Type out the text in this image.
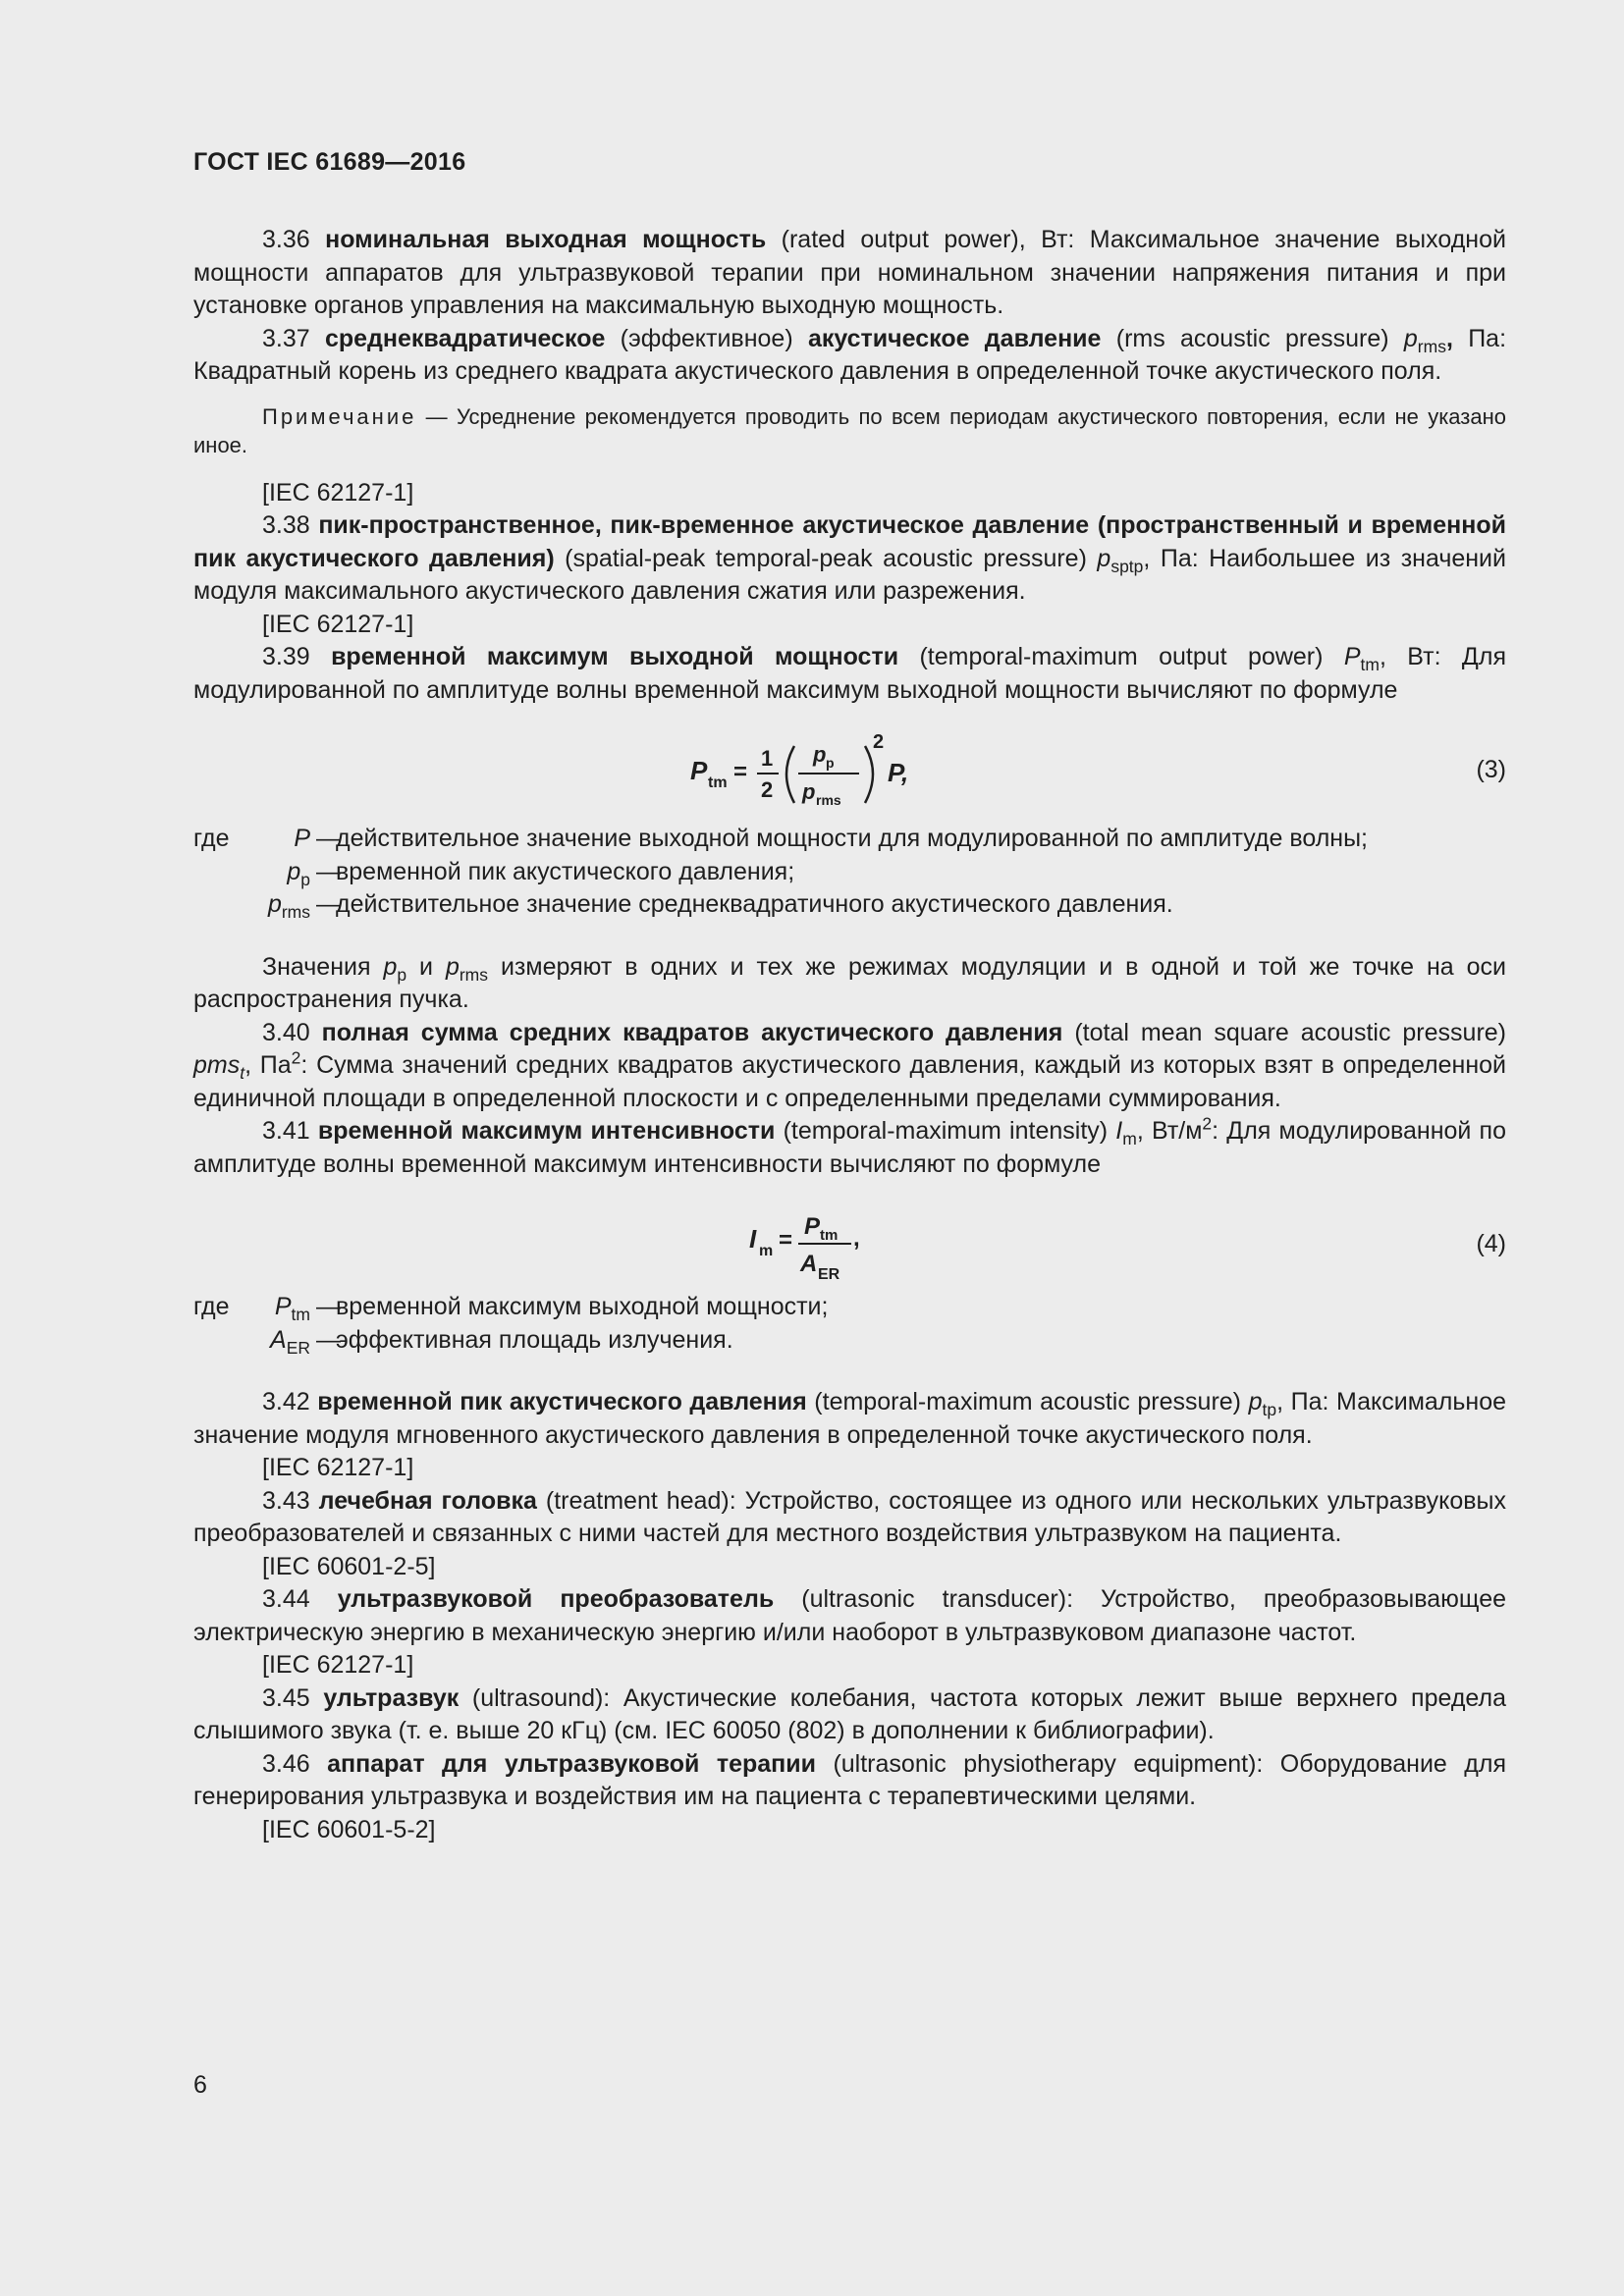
ГОСТ IEC 61689—2016

3.36 номинальная выходная мощность (rated output power), Вт: Максимальное значение выходной мощности аппаратов для ультразвуковой терапии при номинальном значении напряжения питания и при установке органов управления на максимальную выходную мощность.

3.37 среднеквадратическое (эффективное) акустическое давление (rms acoustic pressure) $p_{rms}$, Па: Квадратный корень из среднего квадрата акустического давления в определенной точке акустического поля.

Примечание — Усреднение рекомендуется проводить по всем периодам акустического повторения, если не указано иное.

[IEC 62127-1]

3.38 пик-пространственное, пик-временное акустическое давление (пространственный и временной пик акустического давления) (spatial-peak temporal-peak acoustic pressure) $p_{sptp}$, Па: Наибольшее из значений модуля максимального акустического давления сжатия или разрежения.

[IEC 62127-1]

3.39 временной максимум выходной мощности (temporal-maximum output power) $P_{tm}$, Вт: Для модулированной по амплитуде волны временной максимум выходной мощности вычисляют по формуле

P tm =
1
2
p p
p rms
2
P,	(3)
где	P —
действительное значение выходной мощности для модулированной по амплитуде волны;
$p_p$ —
временной пик акустического давления;
$p_{rms}$ —
действительное значение среднеквадратичного акустического давления.

Значения $p_p$ и $p_{rms}$ измеряют в одних и тех же режимах модуляции и в одной и той же точке на оси распространения пучка.

3.40 полная сумма средних квадратов акустического давления (total mean square acoustic pressure) pms$_t$, $Па^2$: Сумма значений средних квадратов акустического давления, каждый из которых взят в определенной единичной площади в определенной плоскости и с определенными пределами суммирования.

3.41 временной максимум интенсивности (temporal-maximum intensity) $I_m$, $Вт/м^2$: Для модулированной по амплитуде волны временной максимум интенсивности вычисляют по формуле

I m =
P tm
A ER
,	(4)
где $P_{tm}$ —
временной максимум выходной мощности;
$A_{ER}$ —
эффективная площадь излучения.

3.42 временной пик акустического давления (temporal-maximum acoustic pressure) $p_{tp}$, Па: Максимальное значение модуля мгновенного акустического давления в определенной точке акустического поля.

[IEC 62127-1]

3.43 лечебная головка (treatment head): Устройство, состоящее из одного или нескольких ультразвуковых преобразователей и связанных с ними частей для местного воздействия ультразвуком на пациента.

[IEC 60601-2-5]

3.44 ультразвуковой преобразователь (ultrasonic transducer): Устройство, преобразовывающее электрическую энергию в механическую энергию и/или наоборот в ультразвуковом диапазоне частот.

[IEC 62127-1]

3.45 ультразвук (ultrasound): Акустические колебания, частота которых лежит выше верхнего предела слышимого звука (т. е. выше 20 кГц) (см. IEC 60050 (802) в дополнении к библиографии).

3.46 аппарат для ультразвуковой терапии (ultrasonic physiotherapy equipment): Оборудование для генерирования ультразвука и воздействия им на пациента с терапевтическими целями.

[IEC 60601-5-2]

6
